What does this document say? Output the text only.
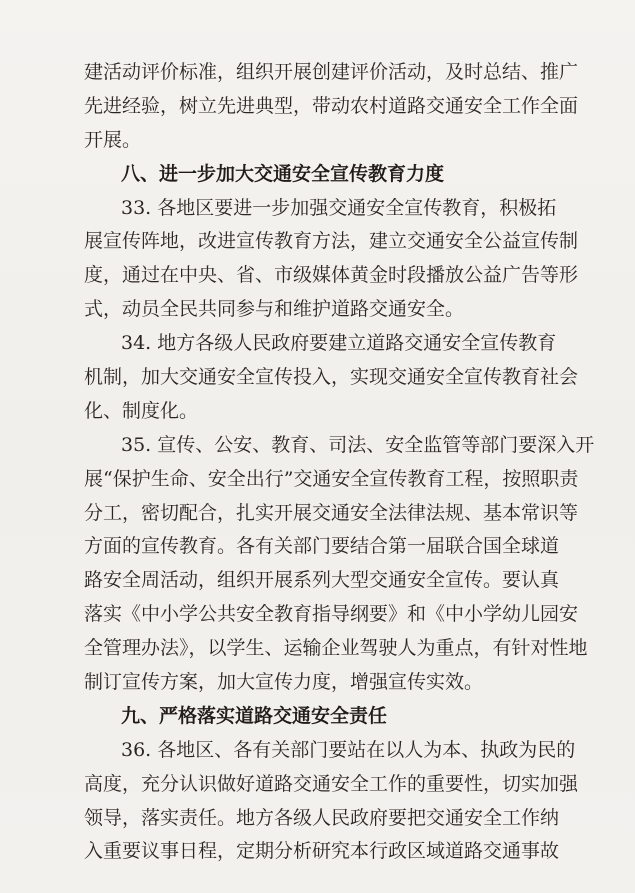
建活动评价标准，组织开展创建评价活动，及时总结、推广
先进经验，树立先进典型，带动农村道路交通安全工作全面
开展。
八、进一步加大交通安全宣传教育力度
33. 各地区要进一步加强交通安全宣传教育，积极拓
展宣传阵地，改进宣传教育方法，建立交通安全公益宣传制
度，通过在中央、省、市级媒体黄金时段播放公益广告等形
式，动员全民共同参与和维护道路交通安全。
34. 地方各级人民政府要建立道路交通安全宣传教育
机制，加大交通安全宣传投入，实现交通安全宣传教育社会
化、制度化。
35. 宣传、公安、教育、司法、安全监管等部门要深入开
展“保护生命、安全出行”交通安全宣传教育工程，按照职责
分工，密切配合，扎实开展交通安全法律法规、基本常识等
方面的宣传教育。各有关部门要结合第一届联合国全球道
路安全周活动，组织开展系列大型交通安全宣传。要认真
落实《中小学公共安全教育指导纲要》和《中小学幼儿园安
全管理办法》，以学生、运输企业驾驶人为重点，有针对性地
制订宣传方案，加大宣传力度，增强宣传实效。
九、严格落实道路交通安全责任
36. 各地区、各有关部门要站在以人为本、执政为民的
高度，充分认识做好道路交通安全工作的重要性，切实加强
领导，落实责任。地方各级人民政府要把交通安全工作纳
入重要议事日程，定期分析研究本行政区域道路交通事故
